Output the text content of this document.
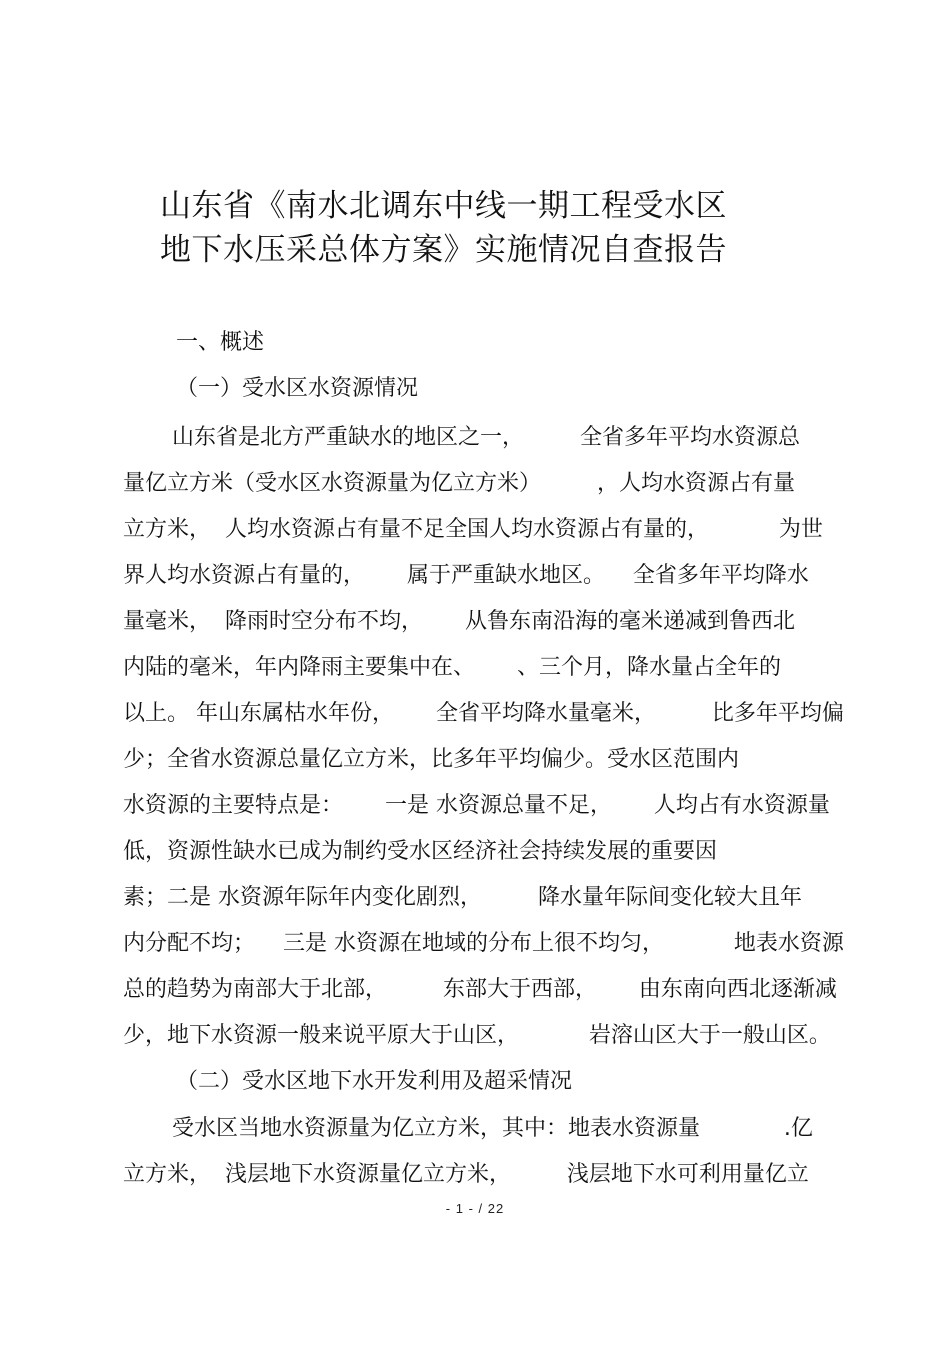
山东省《南水北调东中线一期工程受水区
地下水压采总体方案》实施情况自查报告
一、概述
（一）受水区水资源情况
山东省是北方严重缺水的地区之一，        全省多年平均水资源总
量亿立方米（受水区水资源量为亿立方米）        ，人均水资源占有量
立方米，  人均水资源占有量不足全国人均水资源占有量的，          为世
界人均水资源占有量的，      属于严重缺水地区。    全省多年平均降水
量毫米，  降雨时空分布不均，      从鲁东南沿海的毫米递减到鲁西北
内陆的毫米，年内降雨主要集中在、      、三个月，降水量占全年的
以上。 年山东属枯水年份，      全省平均降水量毫米，        比多年平均偏
少；全省水资源总量亿立方米，比多年平均偏少。受水区范围内
水资源的主要特点是：      一是 水资源总量不足，      人均占有水资源量
低，资源性缺水已成为制约受水区经济社会持续发展的重要因
素；二是 水资源年际年内变化剧烈，        降水量年际间变化较大且年
内分配不均；    三是 水资源在地域的分布上很不均匀，          地表水资源
总的趋势为南部大于北部，        东部大于西部，      由东南向西北逐渐减
少，地下水资源一般来说平原大于山区，          岩溶山区大于一般山区。
（二）受水区地下水开发利用及超采情况
受水区当地水资源量为亿立方米，其中：地表水资源量            .亿
立方米，  浅层地下水资源量亿立方米，        浅层地下水可利用量亿立
- 1 - / 22
